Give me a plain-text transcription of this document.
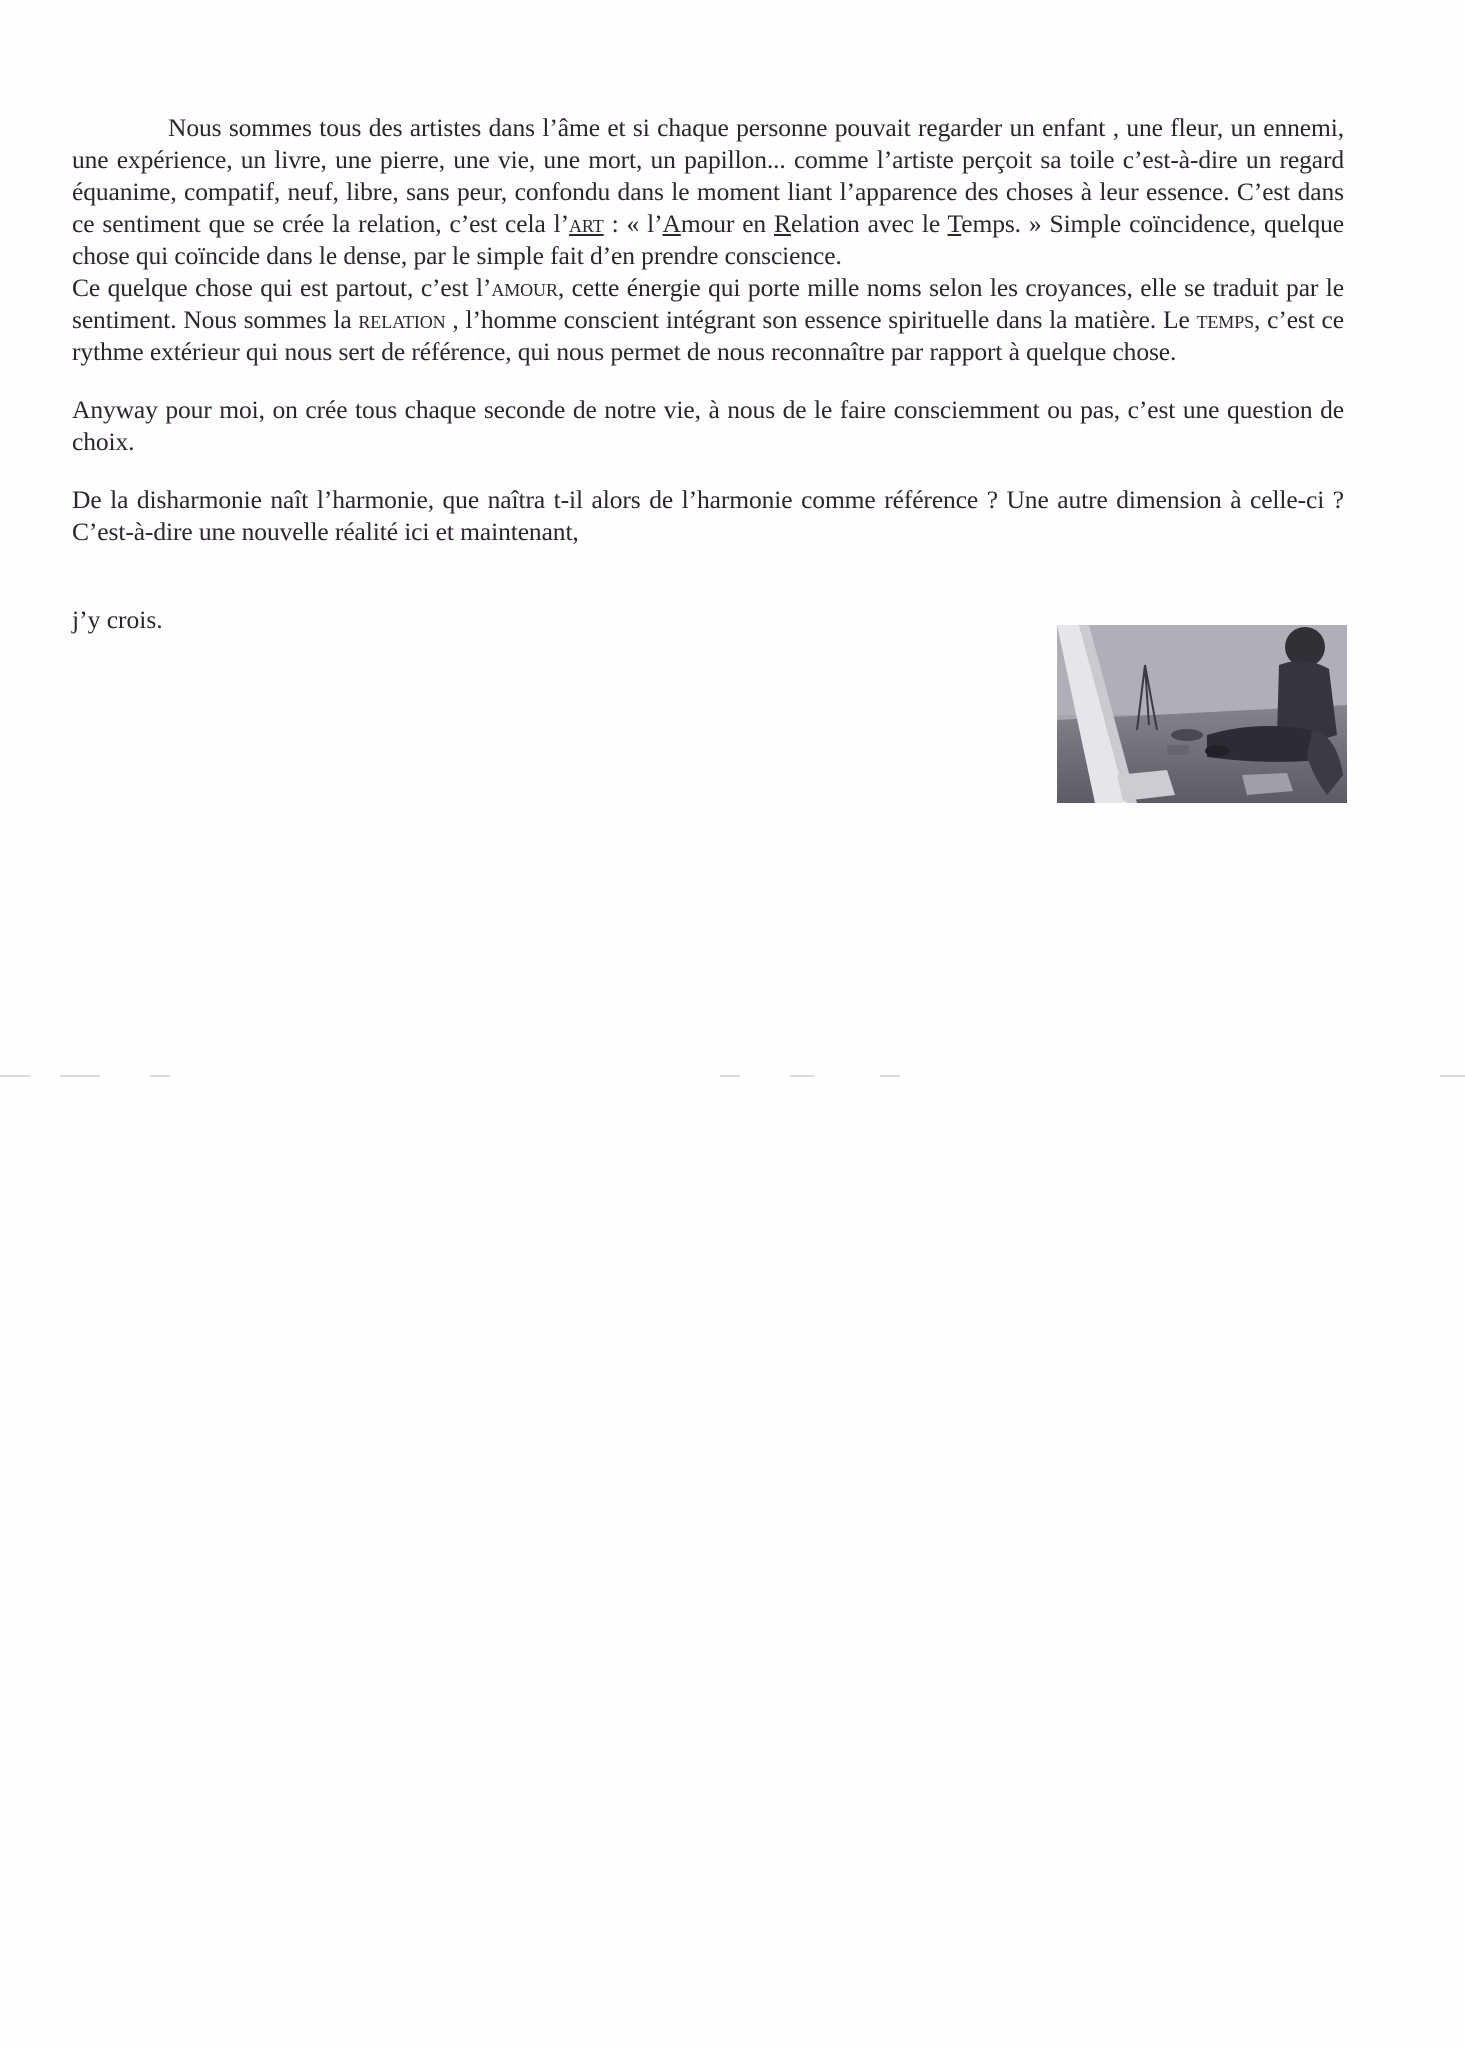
Nous sommes tous des artistes dans l’âme et si chaque personne pouvait regarder un enfant , une fleur, un ennemi, une expérience, un livre, une pierre, une vie, une mort, un papillon... comme l’artiste perçoit sa toile c’est-à-dire un regard équanime, compatif, neuf, libre, sans peur, confondu dans le moment liant l’apparence des choses à leur essence. C’est dans ce sentiment que se crée la relation, c’est cela l’art : « l’Amour en Relation avec le Temps. » Simple coïncidence, quelque chose qui coïncide dans le dense, par le simple fait d’en prendre conscience.

Ce quelque chose qui est partout, c’est l’amour, cette énergie qui porte mille noms selon les croyances, elle se traduit par le sentiment. Nous sommes la relation , l’homme conscient intégrant son essence spirituelle dans la matière. Le temps, c’est ce rythme extérieur qui nous sert de référence, qui nous permet de nous reconnaître par rapport à quelque chose.

Anyway pour moi, on crée tous chaque seconde de notre vie, à nous de le faire consciemment ou pas, c’est une question de choix.

De la disharmonie naît l’harmonie, que naîtra t-il alors de l’harmonie comme référence ? Une autre dimension à celle-ci ? C’est-à-dire une nouvelle réalité ici et maintenant,

j’y crois.
